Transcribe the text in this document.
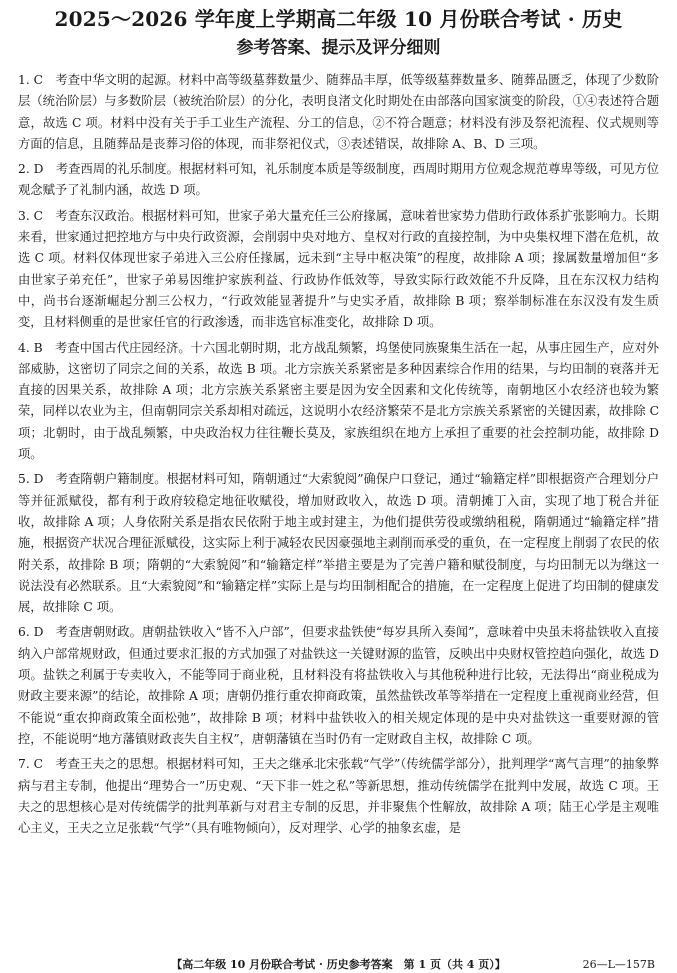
2025～2026 学年度上学期高二年级 10 月份联合考试 · 历史
参考答案、提示及评分细则

1. C　考查中华文明的起源。材料中高等级墓葬数量少、随葬品丰厚，低等级墓葬数量多、随葬品匮乏，体现了少数阶层（统治阶层）与多数阶层（被统治阶层）的分化，表明良渚文化时期处在由部落向国家演变的阶段，①④表述符合题意，故选 C 项。材料中没有关于手工业生产流程、分工的信息，②不符合题意；材料没有涉及祭祀流程、仪式规则等方面的信息，且随葬品是丧葬习俗的体现，而非祭祀仪式，③表述错误，故排除 A、B、D 三项。

2. D　考查西周的礼乐制度。根据材料可知，礼乐制度本质是等级制度，西周时期用方位观念规范尊卑等级，可见方位观念赋予了礼制内涵，故选 D 项。

3. C　考查东汉政治。根据材料可知，世家子弟大量充任三公府掾属，意味着世家势力借助行政体系扩张影响力。长期来看，世家通过把控地方与中央行政资源，会削弱中央对地方、皇权对行政的直接控制，为中央集权埋下潜在危机，故选 C 项。材料仅体现世家子弟进入三公府任掾属，远未到“主导中枢决策”的程度，故排除 A 项；掾属数量增加但“多由世家子弟充任”，世家子弟易因维护家族利益、行政协作低效等，导致实际行政效能不升反降，且在东汉权力结构中，尚书台逐渐崛起分割三公权力，“行政效能显著提升”与史实矛盾，故排除 B 项；察举制标准在东汉没有发生质变，且材料侧重的是世家任官的行政渗透，而非选官标准变化，故排除 D 项。

4. B　考查中国古代庄园经济。十六国北朝时期，北方战乱频繁，坞堡使同族聚集生活在一起，从事庄园生产，应对外部威胁，这密切了同宗之间的关系，故选 B 项。北方宗族关系紧密是多种因素综合作用的结果，与均田制的衰落并无直接的因果关系，故排除 A 项；北方宗族关系紧密主要是因为安全因素和文化传统等，南朝地区小农经济也较为繁荣，同样以农业为主，但南朝同宗关系却相对疏远，这说明小农经济繁荣不是北方宗族关系紧密的关键因素，故排除 C 项；北朝时，由于战乱频繁，中央政治权力往往鞭长莫及，家族组织在地方上承担了重要的社会控制功能，故排除 D 项。

5. D　考查隋朝户籍制度。根据材料可知，隋朝通过“大索貌阅”确保户口登记，通过“输籍定样”即根据资产合理划分户等并征派赋役，都有利于政府较稳定地征收赋役，增加财政收入，故选 D 项。清朝摊丁入亩，实现了地丁税合并征收，故排除 A 项；人身依附关系是指农民依附于地主或封建主，为他们提供劳役或缴纳租税，隋朝通过“输籍定样”措施，根据资产状况合理征派赋役，这实际上利于减轻农民因豪强地主剥削而承受的重负，在一定程度上削弱了农民的依附关系，故排除 B 项；隋朝的“大索貌阅”和“输籍定样”举措主要是为了完善户籍和赋役制度，与均田制无以为继这一说法没有必然联系。且“大索貌阅”和“输籍定样”实际上是与均田制相配合的措施，在一定程度上促进了均田制的健康发展，故排除 C 项。

6. D　考查唐朝财政。唐朝盐铁收入“皆不入户部”，但要求盐铁使“每岁具所入奏闻”，意味着中央虽未将盐铁收入直接纳入户部常规财政，但通过要求汇报的方式加强了对盐铁这一关键财源的监管，反映出中央财权管控趋向强化，故选 D 项。盐铁之利属于专卖收入，不能等同于商业税，且材料没有将盐铁收入与其他税种进行比较，无法得出“商业税成为财政主要来源”的结论，故排除 A 项；唐朝仍推行重农抑商政策，虽然盐铁改革等举措在一定程度上重视商业经营，但不能说“重农抑商政策全面松弛”，故排除 B 项；材料中盐铁收入的相关规定体现的是中央对盐铁这一重要财源的管控，不能说明“地方藩镇财政丧失自主权”，唐朝藩镇在当时仍有一定财政自主权，故排除 C 项。

7. C　考查王夫之的思想。根据材料可知，王夫之继承北宋张载“气学”（传统儒学部分），批判理学“离气言理”的抽象弊病与君主专制，他提出“理势合一”历史观、“天下非一姓之私”等新思想，推动传统儒学在批判中发展，故选 C 项。王夫之的思想核心是对传统儒学的批判革新与对君主专制的反思，并非聚焦个性解放，故排除 A 项；陆王心学是主观唯心主义，王夫之立足张载“气学”（具有唯物倾向），反对理学、心学的抽象玄虚，是

【高二年级 10 月份联合考试 · 历史参考答案　第 1 页（共 4 页）】	26—L—157B
